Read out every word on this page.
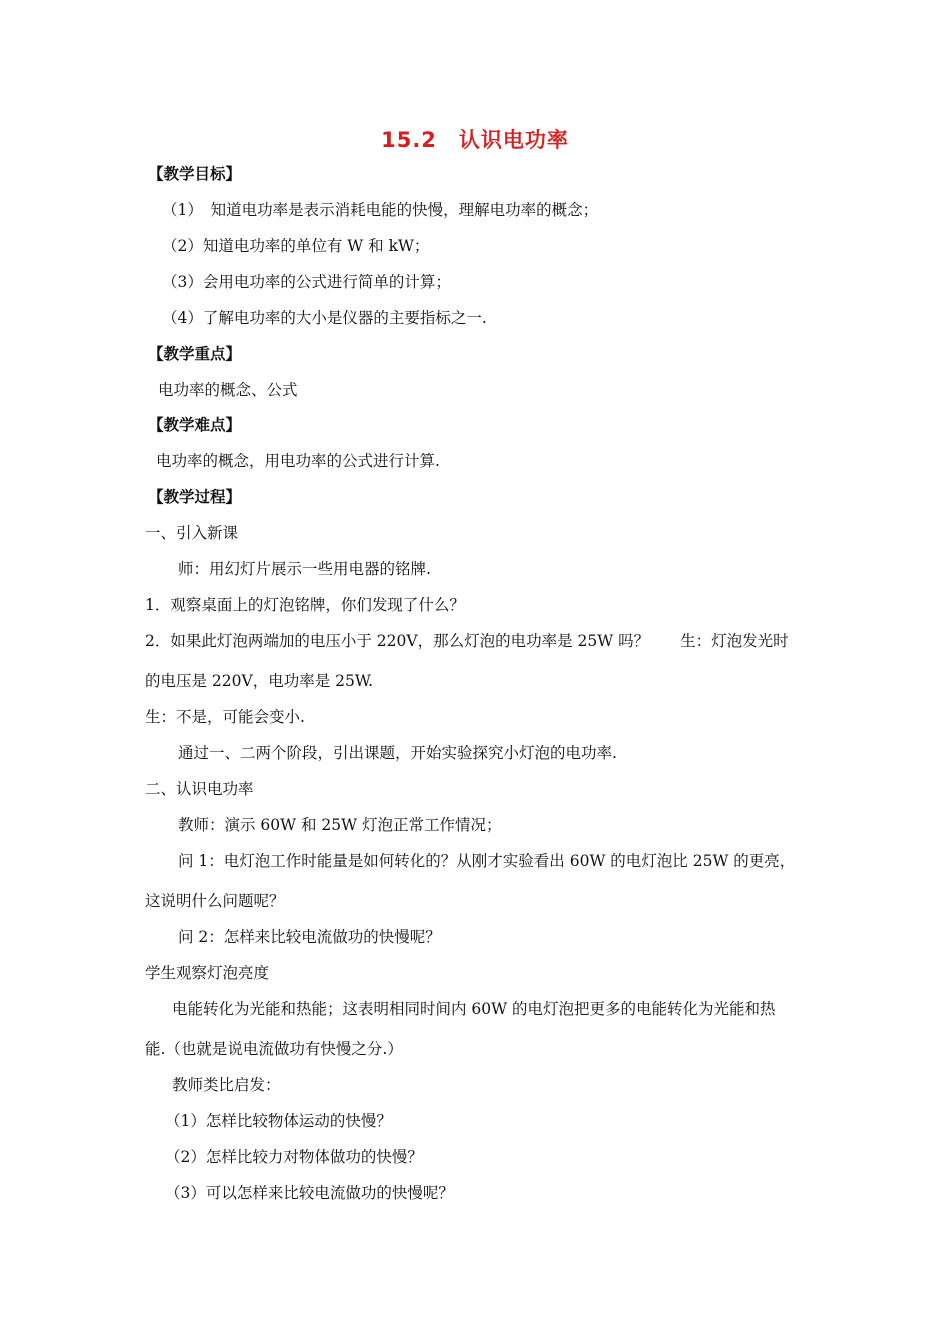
15.2　认识电功率
【教学目标】
（1）　知道电功率是表示消耗电能的快慢，理解电功率的概念；
（2）知道电功率的单位有 W 和 kW；
（3）会用电功率的公式进行简单的计算；
（4）了解电功率的大小是仪器的主要指标之一.
【教学重点】
电功率的概念、公式
【教学难点】
电功率的概念，用电功率的公式进行计算.
【教学过程】
一、引入新课
师：用幻灯片展示一些用电器的铭牌.
1．观察桌面上的灯泡铭牌，你们发现了什么？
2．如果此灯泡两端加的电压小于 220V，那么灯泡的电功率是 25W 吗？　　生：灯泡发光时
的电压是 220V，电功率是 25W.
生：不是，可能会变小.
通过一、二两个阶段，引出课题，开始实验探究小灯泡的电功率.
二、认识电功率
教师：演示 60W 和 25W 灯泡正常工作情况；
问 1：电灯泡工作时能量是如何转化的？从刚才实验看出 60W 的电灯泡比 25W 的更亮，
这说明什么问题呢？
问 2：怎样来比较电流做功的快慢呢？
学生观察灯泡亮度
电能转化为光能和热能；这表明相同时间内 60W 的电灯泡把更多的电能转化为光能和热
能.（也就是说电流做功有快慢之分.）
教师类比启发：
（1）怎样比较物体运动的快慢？
（2）怎样比较力对物体做功的快慢？
（3）可以怎样来比较电流做功的快慢呢？
